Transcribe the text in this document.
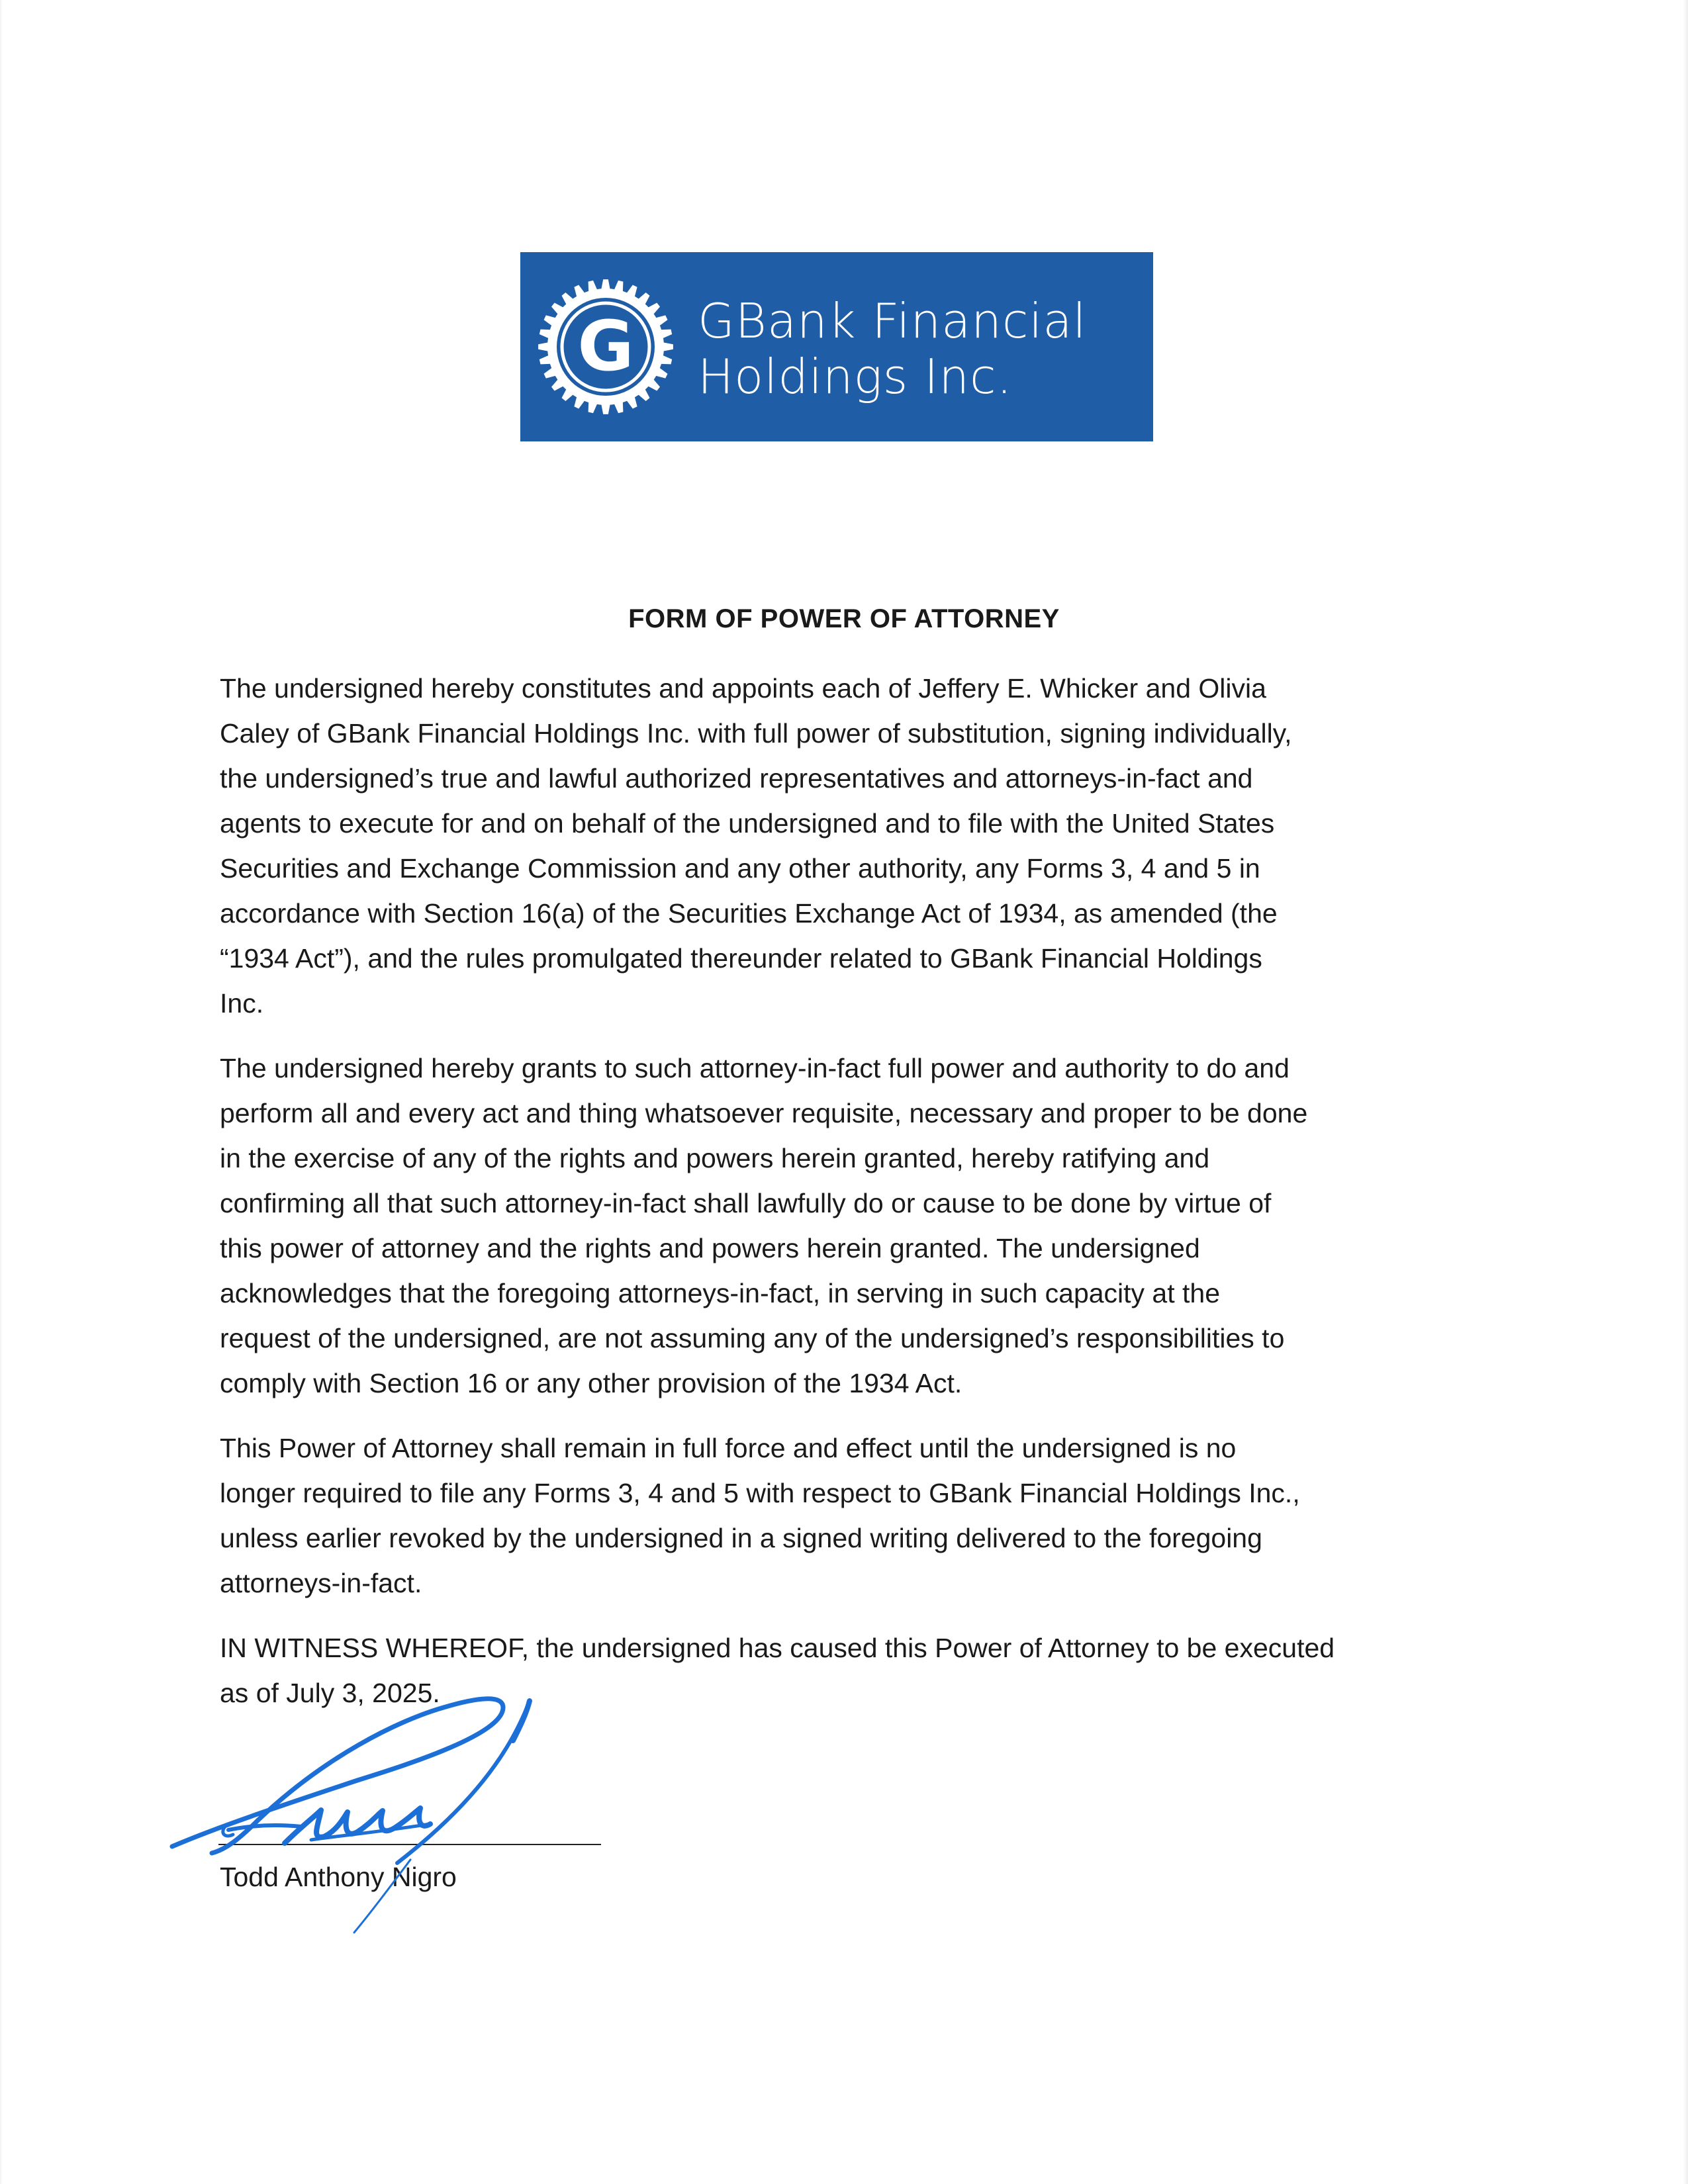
G GBank Financial
Holdings Inc.
FORM OF POWER OF ATTORNEY
The undersigned hereby constitutes and appoints each of Jeffery E. Whicker and Olivia
Caley of GBank Financial Holdings Inc. with full power of substitution, signing individually,
the undersigned’s true and lawful authorized representatives and attorneys-in-fact and
agents to execute for and on behalf of the undersigned and to file with the United States
Securities and Exchange Commission and any other authority, any Forms 3, 4 and 5 in
accordance with Section 16(a) of the Securities Exchange Act of 1934, as amended (the
“1934 Act”), and the rules promulgated thereunder related to GBank Financial Holdings
Inc.
The undersigned hereby grants to such attorney-in-fact full power and authority to do and
perform all and every act and thing whatsoever requisite, necessary and proper to be done
in the exercise of any of the rights and powers herein granted, hereby ratifying and
confirming all that such attorney-in-fact shall lawfully do or cause to be done by virtue of
this power of attorney and the rights and powers herein granted. The undersigned
acknowledges that the foregoing attorneys-in-fact, in serving in such capacity at the
request of the undersigned, are not assuming any of the undersigned’s responsibilities to
comply with Section 16 or any other provision of the 1934 Act.
This Power of Attorney shall remain in full force and effect until the undersigned is no
longer required to file any Forms 3, 4 and 5 with respect to GBank Financial Holdings Inc.,
unless earlier revoked by the undersigned in a signed writing delivered to the foregoing
attorneys-in-fact.
IN WITNESS WHEREOF, the undersigned has caused this Power of Attorney to be executed
as of July 3, 2025.
Todd Anthony Nigro
